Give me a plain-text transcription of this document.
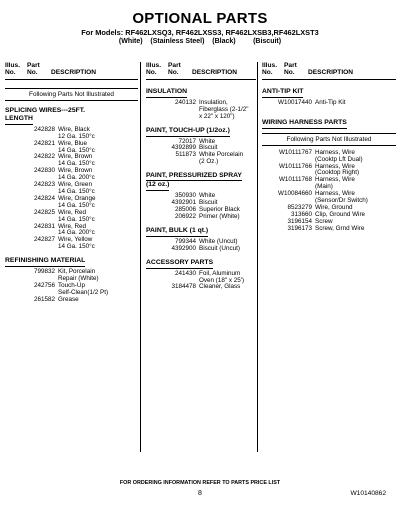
OPTIONAL PARTS
For Models: RF462LXSQ3, RF462LXSS3, RF462LXSB3,RF462LXST3
(White)    (Stainless Steel)    (Black)         (Biscuit)
Illus.
No.
Part
No.	DESCRIPTION
Following Parts Not Illustrated
SPLICING WIRES---25FT.
LENGTH
242828 Wire, Black
12 Ga. 150°c
242821 Wire, Blue
14 Ga. 150°c
242822 Wire, Brown
14 Ga. 150°c
242830 Wire, Brown
14 Ga. 200°c
242823 Wire, Green
14 Ga. 150°c
242824 Wire, Orange
14 Ga. 150°c
242825 Wire, Red
14 Ga. 150°c
242831 Wire, Red
14 Ga. 200°c
242827 Wire, Yellow
14 Ga. 150°c
REFINISHING MATERIAL
799832 Kit, Porcelain
Repair (White)
242756 Touch-Up
Self-Clean(1/2 Pt)
261582 Grease
Illus.
No.
Part
No.	DESCRIPTION
INSULATION
240132 Insulation,
Fiberglass (2-1/2"
x 22" x 120")
PAINT, TOUCH-UP (1/2oz.)
72017 White
4392899 Biscuit
511873 White Porcelain
(2 Oz.)
PAINT, PRESSURIZED SPRAY
(12 oz.)
350930 White
4392901 Biscuit
285006 Superior Black
206922 Primer (White)
PAINT, BULK (1 qt.)
799344 White (Uncut)
4392900 Biscuit (Uncut)
ACCESSORY PARTS
241430 Foil, Aluminum
Oven (18" x 25')
3184478 Cleaner, Glass
Illus.
No.
Part
No.	DESCRIPTION
ANTI-TIP KIT
W10017440 Anti-Tip Kit
WIRING HARNESS PARTS
Following Parts Not Illustrated
W10111767 Harness, Wire
(Cooktp Lft Dual)
W10111766 Harness, Wire
(Cooktop Right)
W10111768 Harness, Wire
(Main)
W10084660 Harness, Wire
(Sensor/Dr Switch)
8523279 Wire, Ground
313660 Clip, Ground Wire
3196154 Screw
3196173 Screw, Grnd Wire
FOR ORDERING INFORMATION REFER TO PARTS PRICE LIST
8	W10140862
